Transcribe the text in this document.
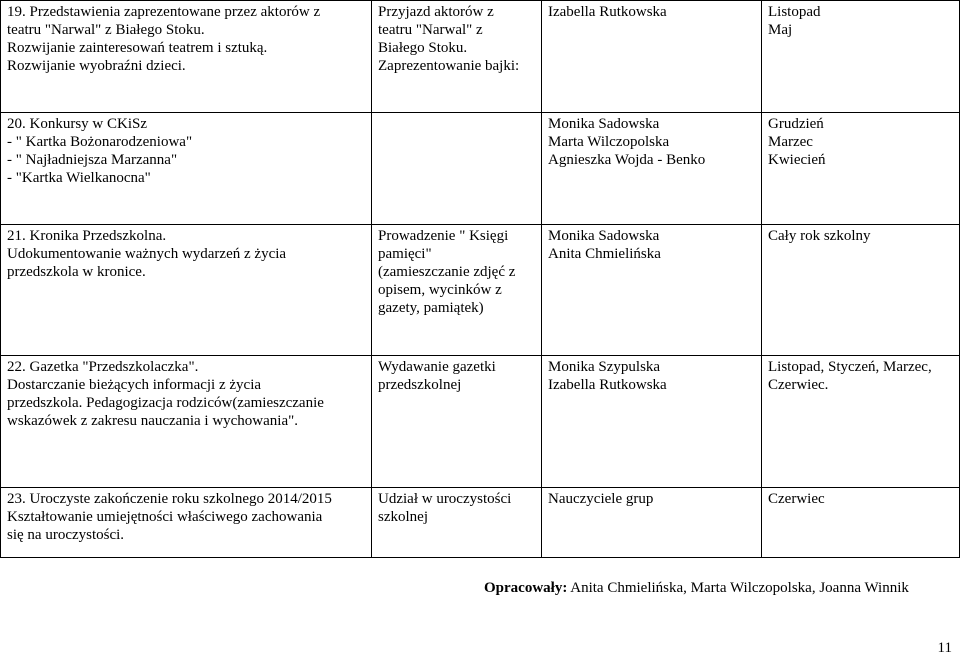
19. Przedstawienia zaprezentowane przez aktorów z
teatru "Narwal" z Białego Stoku.
Rozwijanie zainteresowań teatrem i sztuką.
Rozwijanie wyobraźni dzieci.	Przyjazd aktorów z
teatru "Narwal" z
Białego Stoku.
Zaprezentowanie bajki:	Izabella Rutkowska	Listopad
Maj

20. Konkursy w CKiSz
- " Kartka Bożonarodzeniowa"
- " Najładniejsza Marzanna"
- "Kartka Wielkanocna"		Monika Sadowska
Marta Wilczopolska
Agnieszka Wojda - Benko	Grudzień
Marzec
Kwiecień

21. Kronika Przedszkolna.
Udokumentowanie ważnych wydarzeń z życia
przedszkola w kronice.	Prowadzenie " Księgi
pamięci"
(zamieszczanie zdjęć z
opisem, wycinków z
gazety, pamiątek)	Monika Sadowska
Anita Chmielińska	Cały rok szkolny

22. Gazetka "Przedszkolaczka".
Dostarczanie bieżących informacji z życia
przedszkola. Pedagogizacja rodziców(zamieszczanie
wskazówek z zakresu nauczania i wychowania".	Wydawanie gazetki
przedszkolnej	Monika Szypulska
Izabella Rutkowska	Listopad, Styczeń, Marzec,
Czerwiec.

23. Uroczyste zakończenie roku szkolnego 2014/2015
Kształtowanie umiejętności właściwego zachowania
się na uroczystości.	Udział w uroczystości
szkolnej	Nauczyciele grup	Czerwiec
Opracowały: Anita Chmielińska, Marta Wilczopolska, Joanna Winnik
11
